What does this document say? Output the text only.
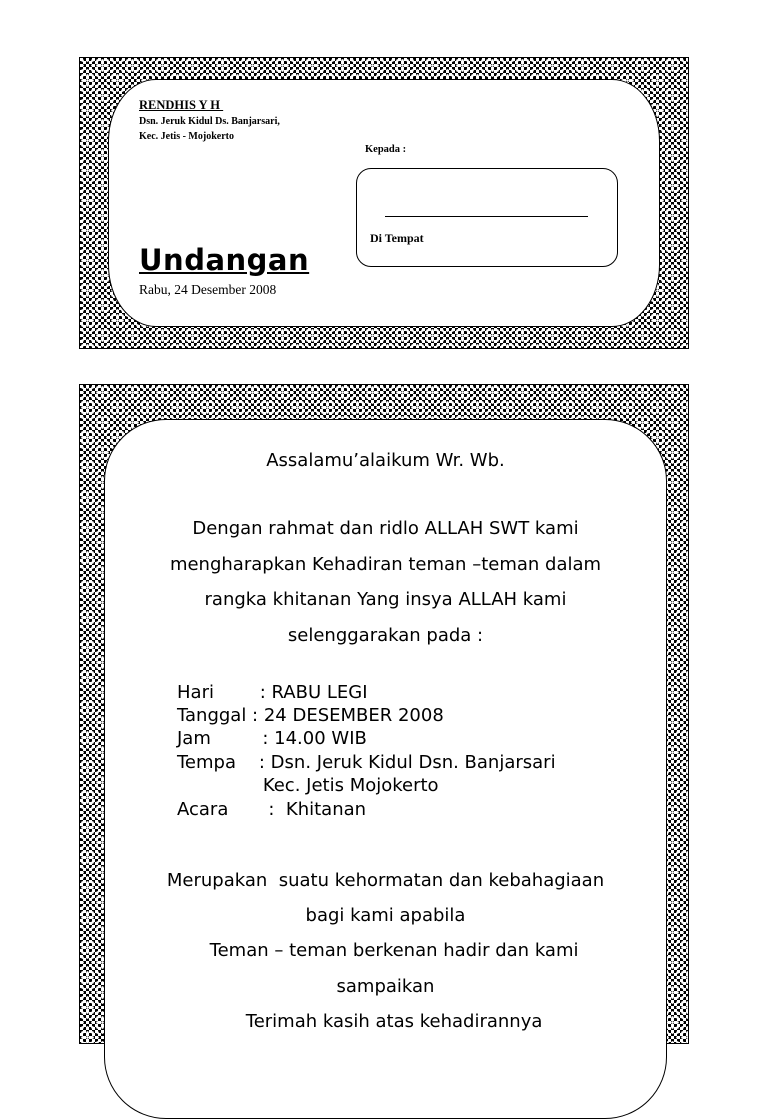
RENDHIS Y H
Dsn. Jeruk Kidul Ds. Banjarsari,
Kec. Jetis - Mojokerto
Kepada :
Di Tempat
Undangan
Rabu, 24 Desember 2008
Assalamu’alaikum Wr. Wb.
Dengan rahmat dan ridlo ALLAH SWT kami
mengharapkan Kehadiran teman –teman dalam
rangka khitanan Yang insya ALLAH kami
selenggarakan pada :
Hari        : RABU LEGI
Tanggal : 24 DESEMBER 2008
Jam         : 14.00 WIB
Tempa    : Dsn. Jeruk Kidul Dsn. Banjarsari
Kec. Jetis Mojokerto
Acara       :  Khitanan
Merupakan  suatu kehormatan dan kebahagiaan
bagi kami apabila
Teman – teman berkenan hadir dan kami
sampaikan
Terimah kasih atas kehadirannya
